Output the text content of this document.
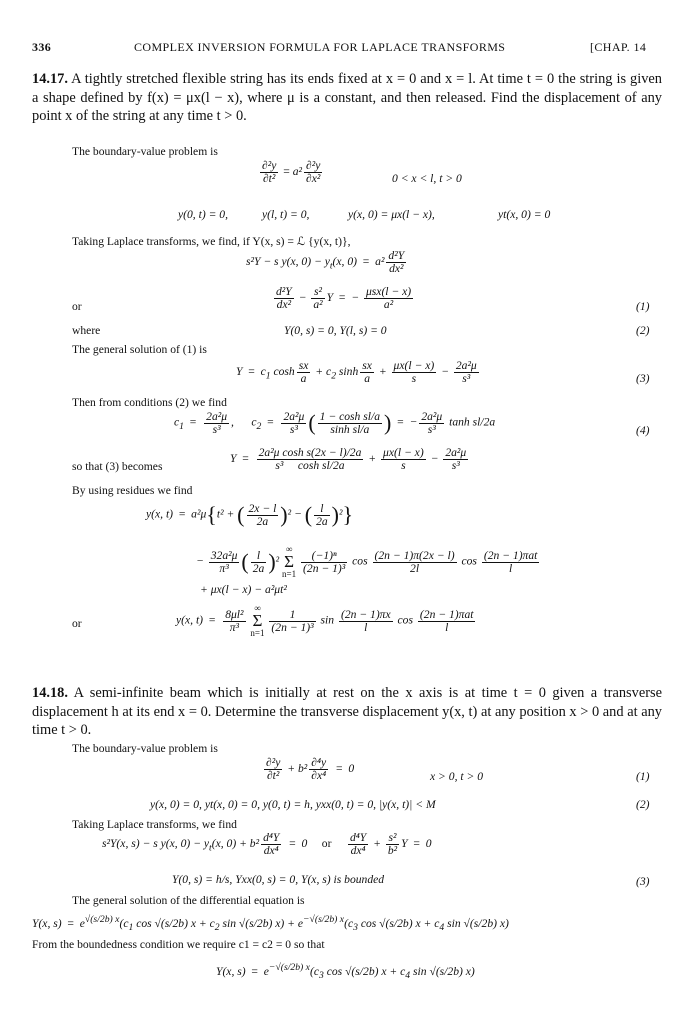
336	COMPLEX INVERSION FORMULA FOR LAPLACE TRANSFORMS	[CHAP. 14
14.17. A tightly stretched flexible string has its ends fixed at x = 0 and x = l. At time t = 0 the string is given a shape defined by f(x) = μx(l − x), where μ is a constant, and then released. Find the displacement of any point x of the string at any time t > 0.
The boundary-value problem is
$\frac{\text{∂²y}}{\text{∂t²}} = a^2 \frac{\text{∂²y}}{\text{∂x²}}$	0 < x < l, t > 0
y(0, t) = 0,	y(l, t) = 0,	y(x, 0) = μx(l − x),	yt(x, 0) = 0
Taking Laplace transforms, we find, if Y(x, s) = ℒ {y(x, t)},
s²Y − s y(x, $0) - y_t(x$, $0) = a^2 \frac{\text{d²Y}}{\text{dx²}}$
or	$\frac{\text{d²Y}}{\text{dx²}} - \frac{\text{s²}}{\text{a²}}$ Y  =  − $\frac{\text{μsx(l − x)}}{\text{a²}}$	(1)
where	Y(0, s) = 0, Y(l, s) = 0	(2)
The general solution of (1) is
$Y = c_1$ $\cosh \frac{sx}{a} + c_2$ $\sinh \frac{sx}{a} + \frac{\mu x(l - x)}{s} - \frac{\text{2a²μ}}{\text{s³}}$	(3)
Then from conditions (2) we find
$c_1 = \frac{\text{2a²μ}}{\text{s³}}$ ,      $c_2 = \frac{\text{2a²μ}}{\text{s³}}$ ( $\frac{\text{1 − cosh sl/a}}{\text{sinh sl/a}}$ )  =  − $\frac{\text{2a²μ}}{\text{s³}}$ tanh sl/2a
(4)
so that (3) becomes
$Y = \frac{\text{2a²μ cosh s(2x − l)/2a}}{\text{s³     cosh sl/2a}} + \frac{\mu x(l - x)}{s} - \frac{\text{2a²μ}}{\text{s³}}$
By using residues we find
y(x, t)  =  a²μ{t² + ( $\frac{2x - l}{2a} )^2$ − ( $\frac{l}{2a} )^2$}
− $\frac{\text{32a²μ}}{\text{π³}}$ ( $\frac{l}{2a} )^2$ ∞
Σ
$n=1 \frac{\text{(−1)ⁿ}}{\text{(2n − 1)³}}$ $\cos \frac{(2n - 1)\pi(2x - l)}{2l}$ $\cos \frac{\text{(2n − 1)πat}}{l}$
+ μx(l − x) − a²μt²
or	y(x, $t) = \frac{\text{8μl²}}{\text{π³}}$
∞
Σ
$n=1 \frac{1}{\text{(2n − 1)³}}$ $\sin \frac{(2n - 1)\pi x}{l}$ $\cos \frac{\text{(2n − 1)πat}}{l}$
14.18. A semi-infinite beam which is initially at rest on the x axis is at time t = 0 given a transverse displacement h at its end x = 0. Determine the transverse displacement y(x, t) at any position x > 0 and at any time t > 0.
The boundary-value problem is
$\frac{\text{∂²y}}{\text{∂t²}} + b^2 \frac{\text{∂⁴y}}{\text{∂x⁴}} = 0$
x > 0, t > 0	(1)
y(x, 0) = 0, yt(x, 0) = 0, y(0, t) = h, yxx(0, t) = 0, |y(x, t)| < M	(2)
Taking Laplace transforms, we find
s²Y(x, s) − s y(x, $0) - y_t(x$, $0) + b^2 \frac{\text{d⁴Y}}{\text{dx⁴}} = 0$     or $\frac{\text{d⁴Y}}{\text{dx⁴}} + \frac{\text{s²}}{\text{b²}}$ Y  =  0
Y(0, s) = h/s, Yxx(0, s) = 0, Y(x, s) is bounded	(3)
The general solution of the differential equation is
Y(x, $s) = e^{√(s/2b) x}(c_1$ cos √(s/2b) $x + c_2$ sin √(s/2b) $x) + e^{-√(s/2b) x}(c_3$ cos √(s/2b) $x + c_4$ sin √(s/2b) x)
From the boundedness condition we require c1 = c2 = 0 so that
Y(x, $s) = e^{-√(s/2b) x}(c_3$ cos √(s/2b) $x + c_4$ sin √(s/2b) x)
